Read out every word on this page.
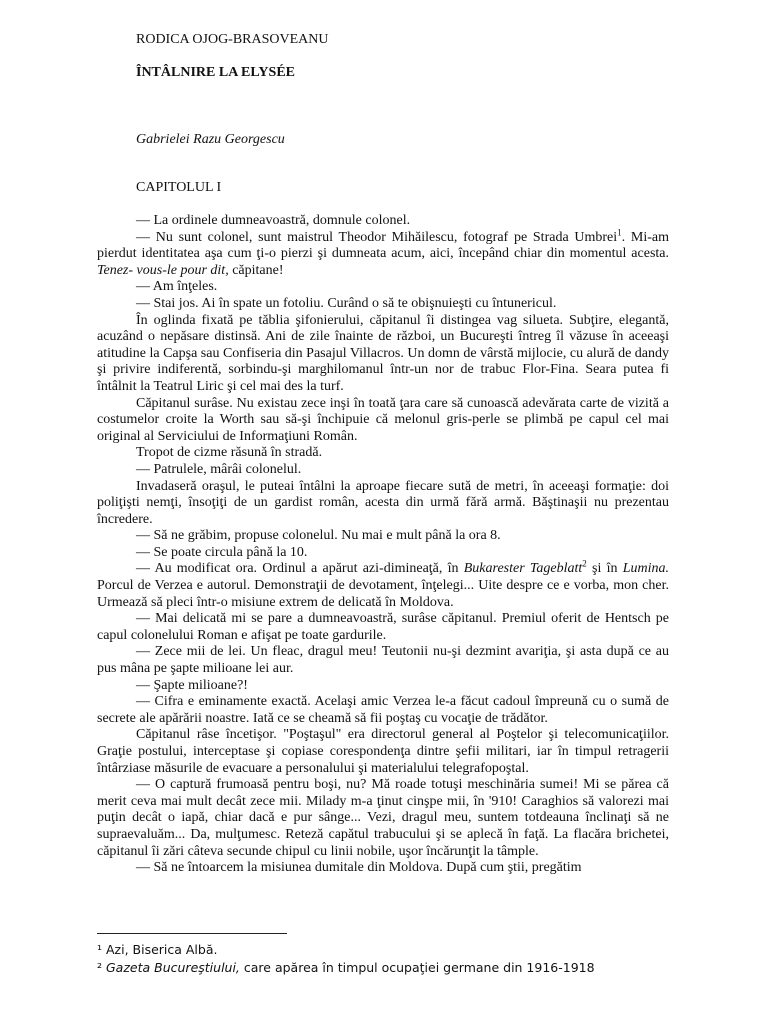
RODICA OJOG-BRASOVEANU
ÎNTÂLNIRE LA ELYSÉE
Gabrielei Razu Georgescu
CAPITOLUL I

— La ordinele dumneavoastră, domnule colonel.

— Nu sunt colonel, sunt maistrul Theodor Mihăilescu, fotograf pe Strada Umbrei$^1$. Mi-am pierdut identitatea aşa cum ţi-o pierzi şi dumneata acum, aici, începând chiar din momentul acesta. Tenez- vous-le pour dit, căpitane!

— Am înţeles.

— Stai jos. Ai în spate un fotoliu. Curând o să te obişnuieşti cu întunericul.

În oglinda fixată pe tăblia şifonierului, căpitanul îi distingea vag silueta. Subţire, elegantă, acuzând o nepăsare distinsă. Ani de zile înainte de război, un Bucureşti întreg îl văzuse în aceeaşi atitudine la Capşa sau Confiseria din Pasajul Villacros. Un domn de vârstă mijlocie, cu alură de dandy şi privire indiferentă, sorbindu-şi marghilomanul într-un nor de trabuc Flor-Fina. Seara putea fi întâlnit la Teatrul Liric şi cel mai des la turf.

Căpitanul surâse. Nu existau zece inşi în toată ţara care să cunoască adevărata carte de vizită a costumelor croite la Worth sau să-şi închipuie că melonul gris-perle se plimbă pe capul cel mai original al Serviciului de Informaţiuni Român.

Tropot de cizme răsună în stradă.

— Patrulele, mârâi colonelul.

Invadaseră oraşul, le puteai întâlni la aproape fiecare sută de metri, în aceeaşi formaţie: doi poliţişti nemţi, însoţiţi de un gardist român, acesta din urmă fără armă. Băştinaşii nu prezentau încredere.

— Să ne grăbim, propuse colonelul. Nu mai e mult până la ora 8.

— Se poate circula până la 10.

— Au modificat ora. Ordinul a apărut azi-dimineaţă, în Bukarester Tageblatt$^2$ şi în Lumina. Porcul de Verzea e autorul. Demonstraţii de devotament, înţelegi... Uite despre ce e vorba, mon cher. Urmează să pleci într-o misiune extrem de delicată în Moldova.

— Mai delicată mi se pare a dumneavoastră, surâse căpitanul. Premiul oferit de Hentsch pe capul colonelului Roman e afişat pe toate gardurile.

— Zece mii de lei. Un fleac, dragul meu! Teutonii nu-şi dezmint avariţia, şi asta după ce au pus mâna pe şapte milioane lei aur.

— Şapte milioane?!

— Cifra e eminamente exactă. Acelaşi amic Verzea le-a făcut cadoul împreună cu o sumă de secrete ale apărării noastre. Iată ce se cheamă să fii poştaş cu vocaţie de trădător.

Căpitanul râse încetişor. "Poştaşul" era directorul general al Poştelor şi telecomunicaţiilor. Graţie postului, interceptase şi copiase corespondenţa dintre şefii militari, iar în timpul retragerii întârziase măsurile de evacuare a personalului şi materialului telegrafopoştal.

— O captură frumoasă pentru boşi, nu? Mă roade totuşi meschinăria sumei! Mi se părea că merit ceva mai mult decât zece mii. Milady m-a ţinut cinşpe mii, în '910! Caraghios să valorezi mai puţin decât o iapă, chiar dacă e pur sânge... Vezi, dragul meu, suntem totdeauna înclinaţi să ne supraevaluăm... Da, mulţumesc. Reteză capătul trabucului şi se aplecă în faţă. La flacăra brichetei, căpitanul îi zări câteva secunde chipul cu linii nobile, uşor încărunţit la tâmple.

— Să ne întoarcem la misiunea dumitale din Moldova. După cum ştii, pregătim

¹ Azi, Biserica Albă.
² Gazeta Bucureştiului, care apărea în timpul ocupaţiei germane din 1916-1918
